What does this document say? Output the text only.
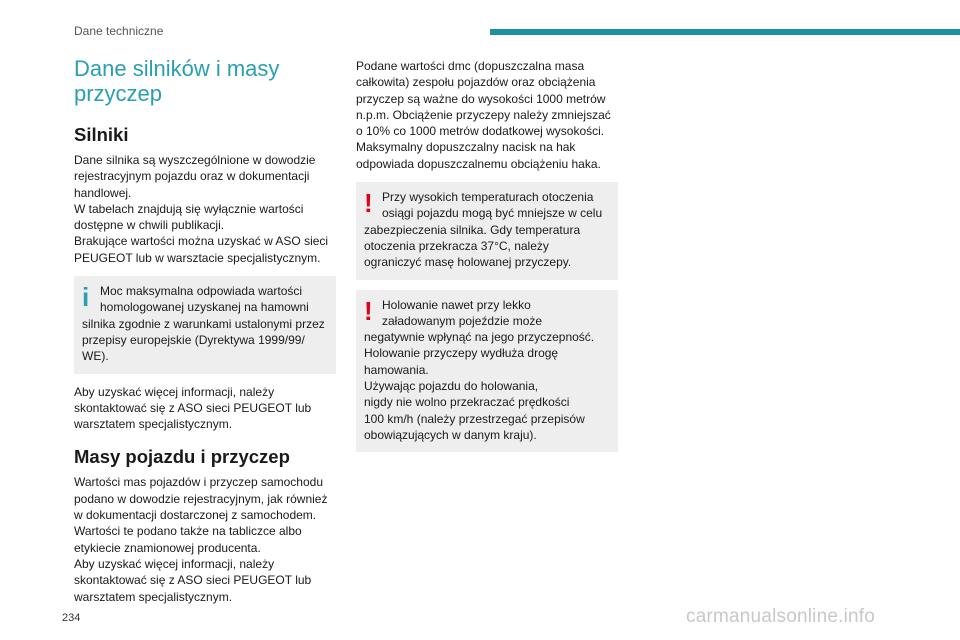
Dane techniczne
Dane silników i masy
przyczep
Silniki

Dane silnika są wyszczególnione w dowodzie
rejestracyjnym pojazdu oraz w dokumentacji
handlowej.
W tabelach znajdują się wyłącznie wartości
dostępne w chwili publikacji.
Brakujące wartości można uzyskać w ASO sieci
PEUGEOT lub w warsztacie specjalistycznym.

i Moc maksymalna odpowiada wartości
homologowanej uzyskanej na hamowni
silnika zgodnie z warunkami ustalonymi przez
przepisy europejskie (Dyrektywa 1999/99/
WE).

Aby uzyskać więcej informacji, należy
skontaktować się z ASO sieci PEUGEOT lub
warsztatem specjalistycznym.

Masy pojazdu i przyczep

Wartości mas pojazdów i przyczep samochodu
podano w dowodzie rejestracyjnym, jak również
w dokumentacji dostarczonej z samochodem.
Wartości te podano także na tabliczce albo
etykiecie znamionowej producenta.
Aby uzyskać więcej informacji, należy
skontaktować się z ASO sieci PEUGEOT lub
warsztatem specjalistycznym.

Podane wartości dmc (dopuszczalna masa
całkowita) zespołu pojazdów oraz obciążenia
przyczep są ważne do wysokości 1000 metrów
n.p.m. Obciążenie przyczepy należy zmniejszać
o 10% co 1000 metrów dodatkowej wysokości.
Maksymalny dopuszczalny nacisk na hak
odpowiada dopuszczalnemu obciążeniu haka.

! Przy wysokich temperaturach otoczenia
osiągi pojazdu mogą być mniejsze w celu
zabezpieczenia silnika. Gdy temperatura
otoczenia przekracza 37°C, należy
ograniczyć masę holowanej przyczepy.

! Holowanie nawet przy lekko
załadowanym pojeździe może
negatywnie wpłynąć na jego przyczepność.
Holowanie przyczepy wydłuża drogę
hamowania.
Używając pojazdu do holowania,
nigdy nie wolno przekraczać prędkości
100 km/h (należy przestrzegać przepisów
obowiązujących w danym kraju).

234	carmanualsonline.info
